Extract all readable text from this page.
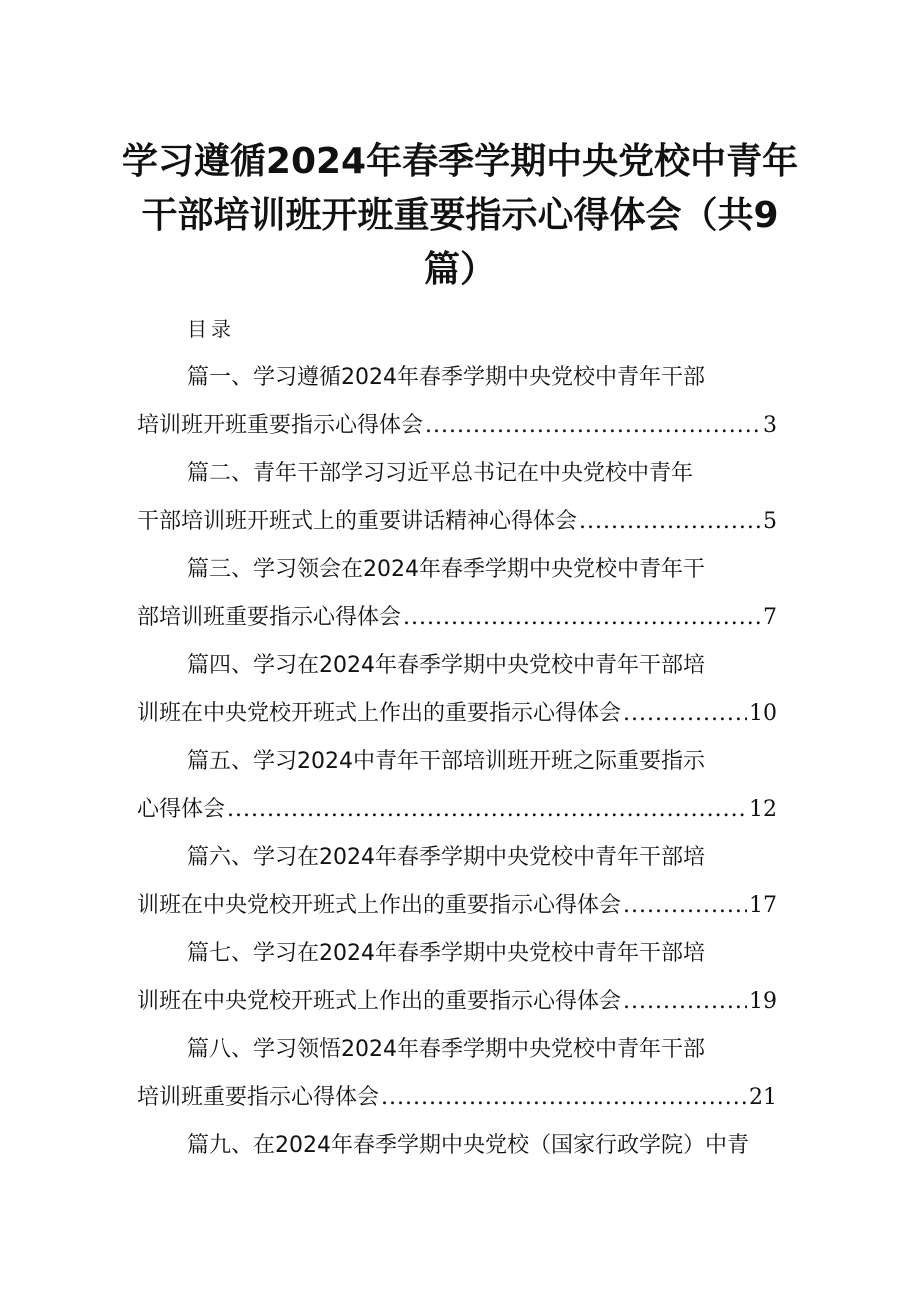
学习遵循2024年春季学期中央党校中青年
干部培训班开班重要指示心得体会（共9
篇）
目录
篇一、学习遵循2024年春季学期中央党校中青年干部
培训班开班重要指示心得体会 .....	3
篇二、青年干部学习习近平总书记在中央党校中青年
干部培训班开班式上的重要讲话精神心得体会 .....	5
篇三、学习领会在2024年春季学期中央党校中青年干
部培训班重要指示心得体会 .....	7
篇四、学习在2024年春季学期中央党校中青年干部培
训班在中央党校开班式上作出的重要指示心得体会 .....	10
篇五、学习2024中青年干部培训班开班之际重要指示
心得体会 .....	12
篇六、学习在2024年春季学期中央党校中青年干部培
训班在中央党校开班式上作出的重要指示心得体会 .....	17
篇七、学习在2024年春季学期中央党校中青年干部培
训班在中央党校开班式上作出的重要指示心得体会 .....	19
篇八、学习领悟2024年春季学期中央党校中青年干部
培训班重要指示心得体会 .....	21
篇九、在2024年春季学期中央党校（国家行政学院）中青
